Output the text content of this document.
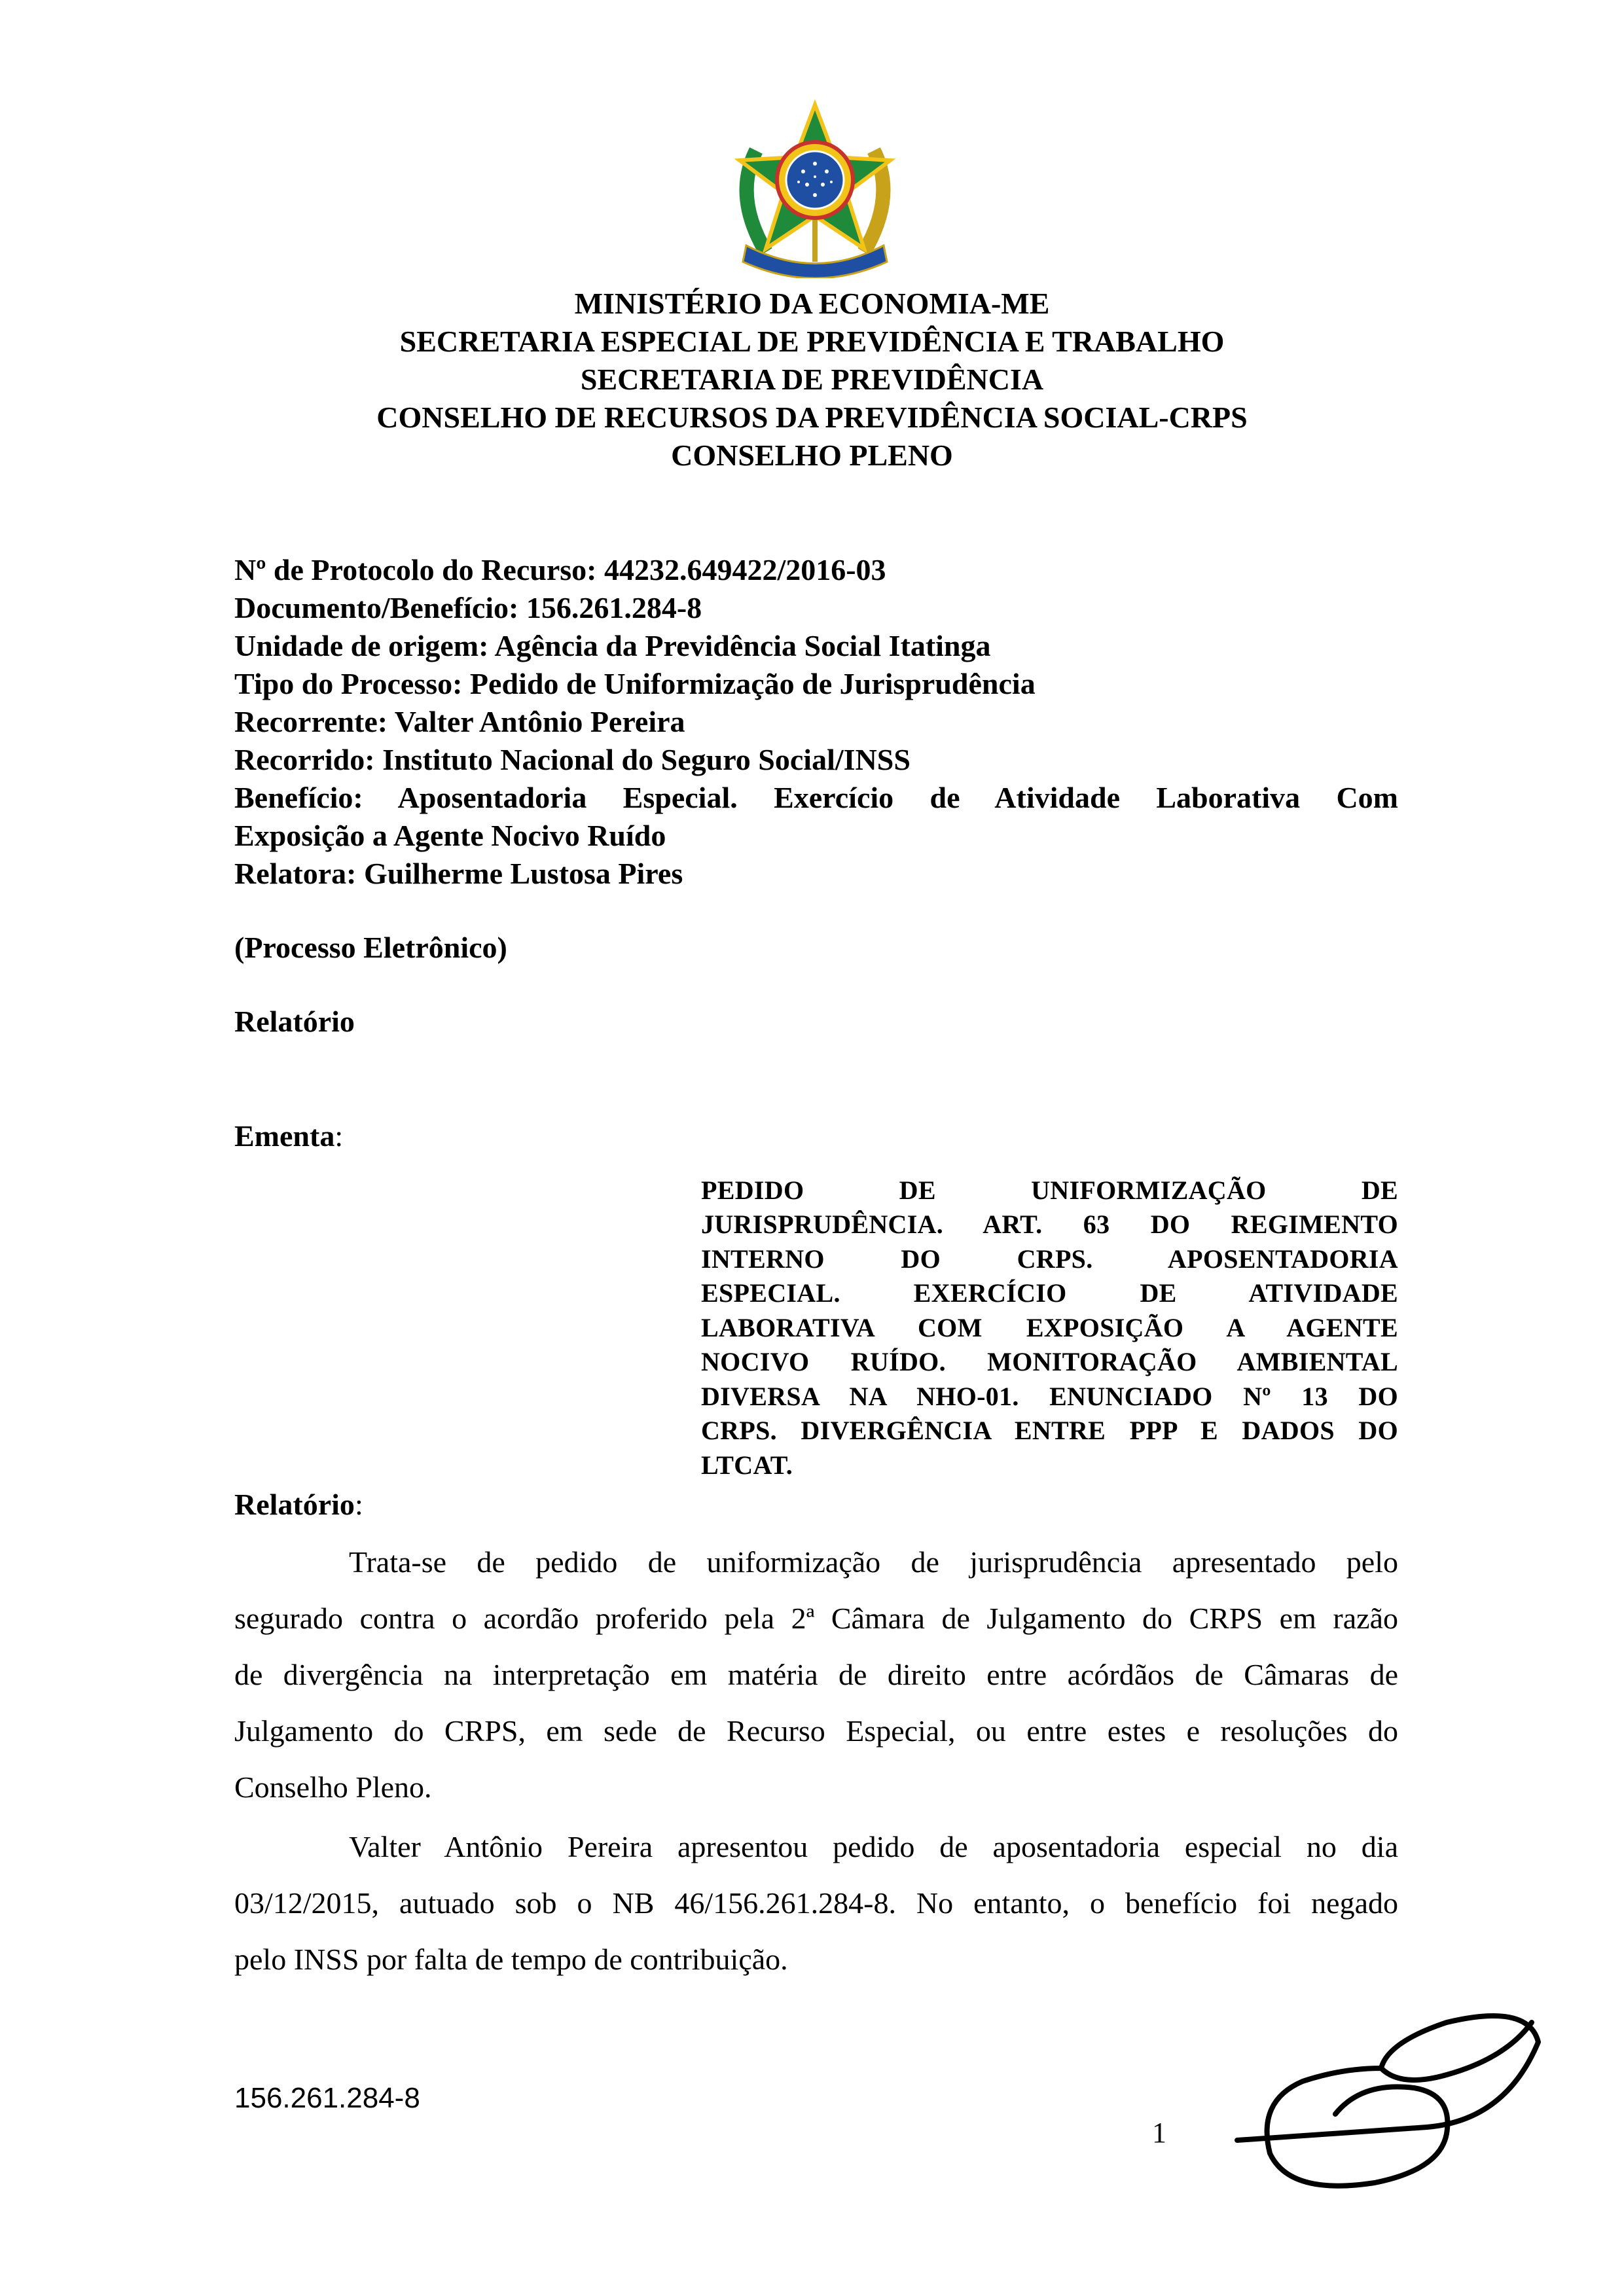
MINISTÉRIO DA ECONOMIA-ME

SECRETARIA ESPECIAL DE PREVIDÊNCIA E TRABALHO

SECRETARIA DE PREVIDÊNCIA

CONSELHO DE RECURSOS DA PREVIDÊNCIA SOCIAL-CRPS

CONSELHO PLENO

Nº de Protocolo do Recurso: 44232.649422/2016-03

Documento/Benefício: 156.261.284-8

Unidade de origem: Agência da Previdência Social Itatinga

Tipo do Processo: Pedido de Uniformização de Jurisprudência

Recorrente: Valter Antônio Pereira

Recorrido: Instituto Nacional do Seguro Social/INSS

Benefício: Aposentadoria Especial. Exercício de Atividade Laborativa Com

Exposição a Agente Nocivo Ruído

Relatora: Guilherme Lustosa Pires

(Processo Eletrônico)

Relatório

Ementa:

PEDIDO DE UNIFORMIZAÇÃO DE

JURISPRUDÊNCIA. ART. 63 DO REGIMENTO

INTERNO DO CRPS. APOSENTADORIA

ESPECIAL. EXERCÍCIO DE ATIVIDADE

LABORATIVA COM EXPOSIÇÃO A AGENTE

NOCIVO RUÍDO. MONITORAÇÃO AMBIENTAL

DIVERSA NA NHO-01. ENUNCIADO Nº 13 DO

CRPS. DIVERGÊNCIA ENTRE PPP E DADOS DO

LTCAT.

Relatório:

Trata-se de pedido de uniformização de jurisprudência apresentado pelo

segurado contra o acordão proferido pela 2ª Câmara de Julgamento do CRPS em razão

de divergência na interpretação em matéria de direito entre acórdãos de Câmaras de

Julgamento do CRPS, em sede de Recurso Especial, ou entre estes e resoluções do

Conselho Pleno.

Valter Antônio Pereira apresentou pedido de aposentadoria especial no dia

03/12/2015, autuado sob o NB 46/156.261.284-8. No entanto, o benefício foi negado

pelo INSS por falta de tempo de contribuição.

156.261.284-8
1
